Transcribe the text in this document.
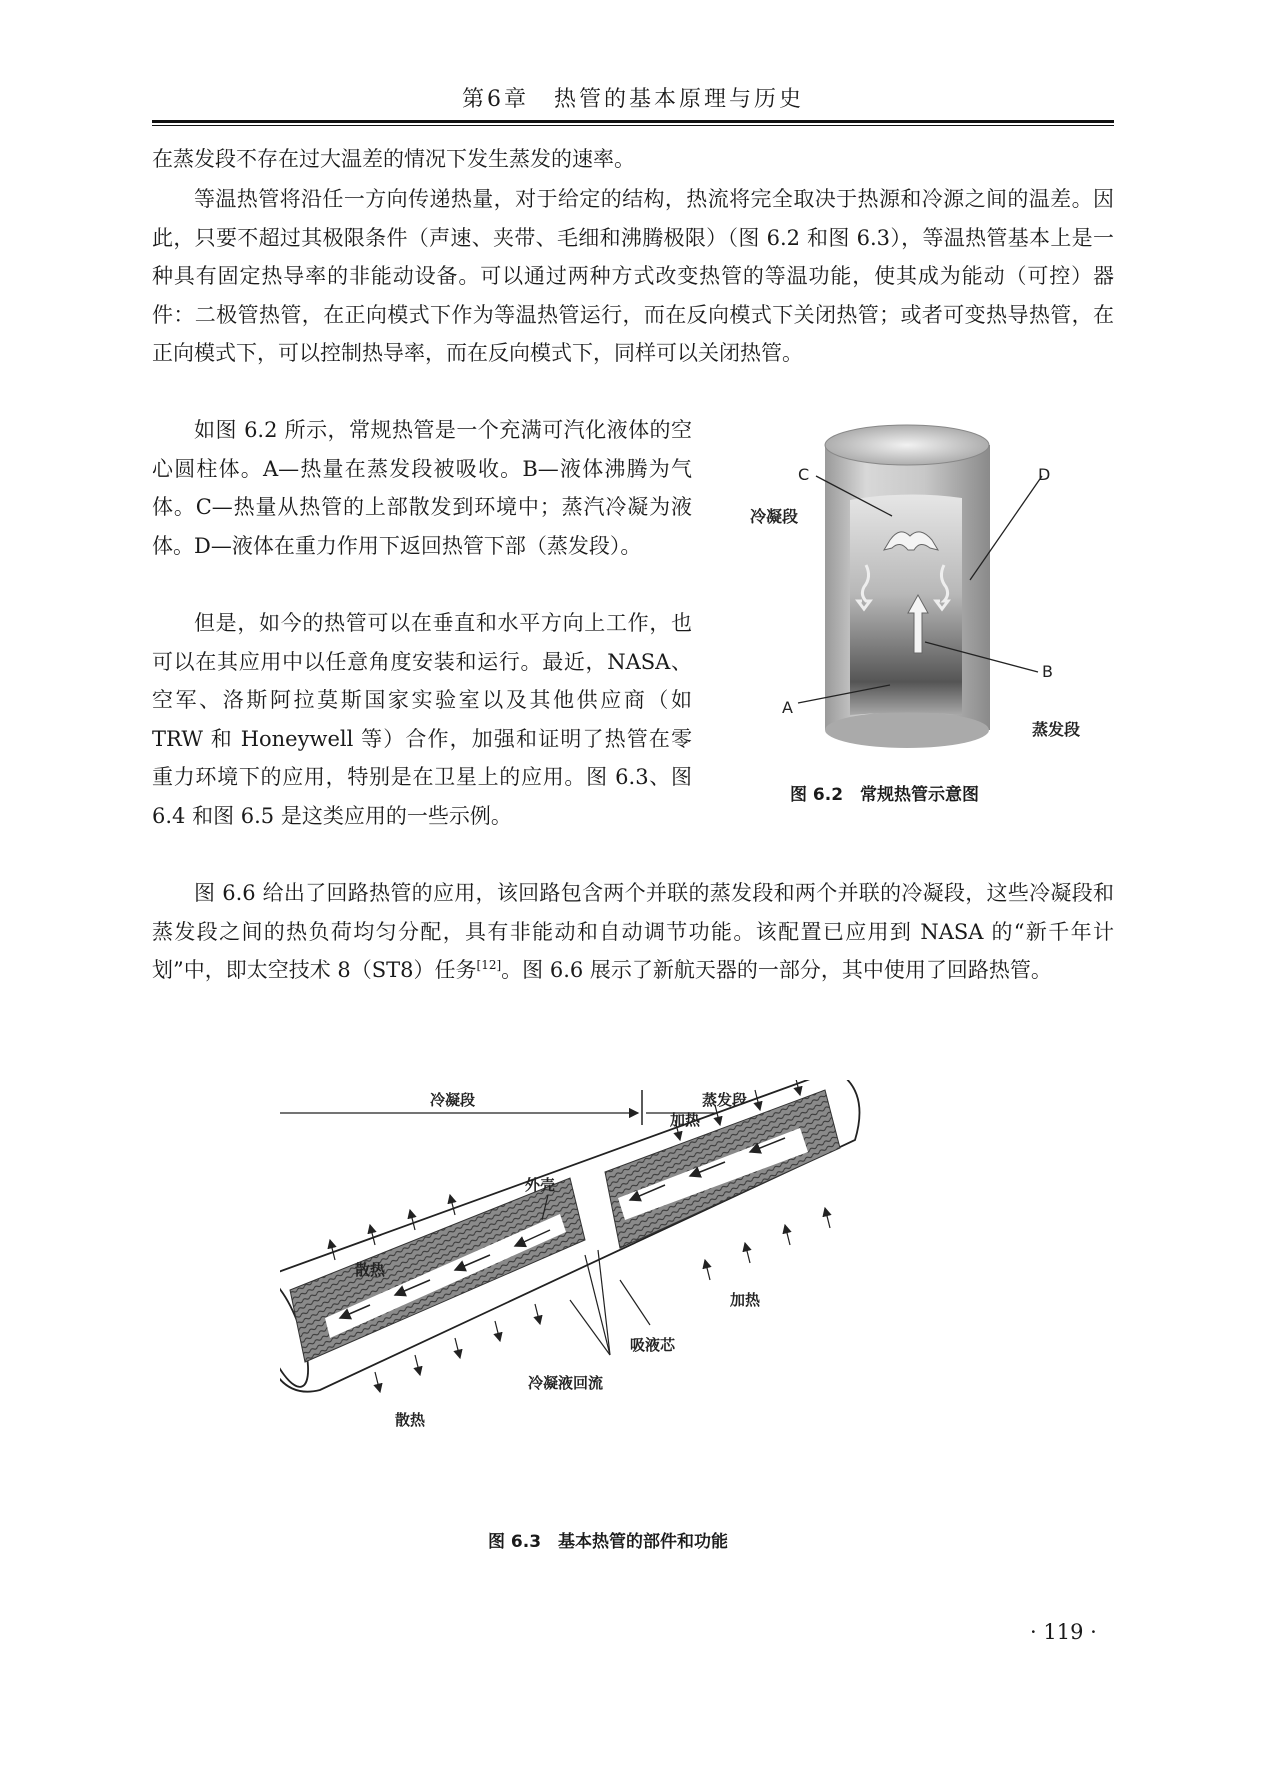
第6章　热管的基本原理与历史

在蒸发段不存在过大温差的情况下发生蒸发的速率。

等温热管将沿任一方向传递热量，对于给定的结构，热流将完全取决于热源和冷源之间的温差。因此，只要不超过其极限条件（声速、夹带、毛细和沸腾极限）（图 6.2 和图 6.3），等温热管基本上是一种具有固定热导率的非能动设备。可以通过两种方式改变热管的等温功能，使其成为能动（可控）器件：二极管热管，在正向模式下作为等温热管运行，而在反向模式下关闭热管；或者可变热导热管，在正向模式下，可以控制热导率，而在反向模式下，同样可以关闭热管。

如图 6.2 所示，常规热管是一个充满可汽化液体的空心圆柱体。A—热量在蒸发段被吸收。B—液体沸腾为气体。C—热量从热管的上部散发到环境中；蒸汽冷凝为液体。D—液体在重力作用下返回热管下部（蒸发段）。

但是，如今的热管可以在垂直和水平方向上工作，也可以在其应用中以任意角度安装和运行。最近，NASA、空军、洛斯阿拉莫斯国家实验室以及其他供应商（如 TRW 和 Honeywell 等）合作，加强和证明了热管在零重力环境下的应用，特别是在卫星上的应用。图 6.3、图 6.4 和图 6.5 是这类应用的一些示例。

图 6.6 给出了回路热管的应用，该回路包含两个并联的蒸发段和两个并联的冷凝段，这些冷凝段和蒸发段之间的热负荷均匀分配，具有非能动和自动调节功能。该配置已应用到 NASA 的“新千年计划”中，即太空技术 8（ST8）任务[12]。图 6.6 展示了新航天器的一部分，其中使用了回路热管。

C	D
B
A
冷凝段
蒸发段
图 6.2　常规热管示意图
冷凝段	蒸发段
加热
加热
外壳
散热
散热
吸液芯
冷凝液回流
图 6.3　基本热管的部件和功能
· 119 ·
